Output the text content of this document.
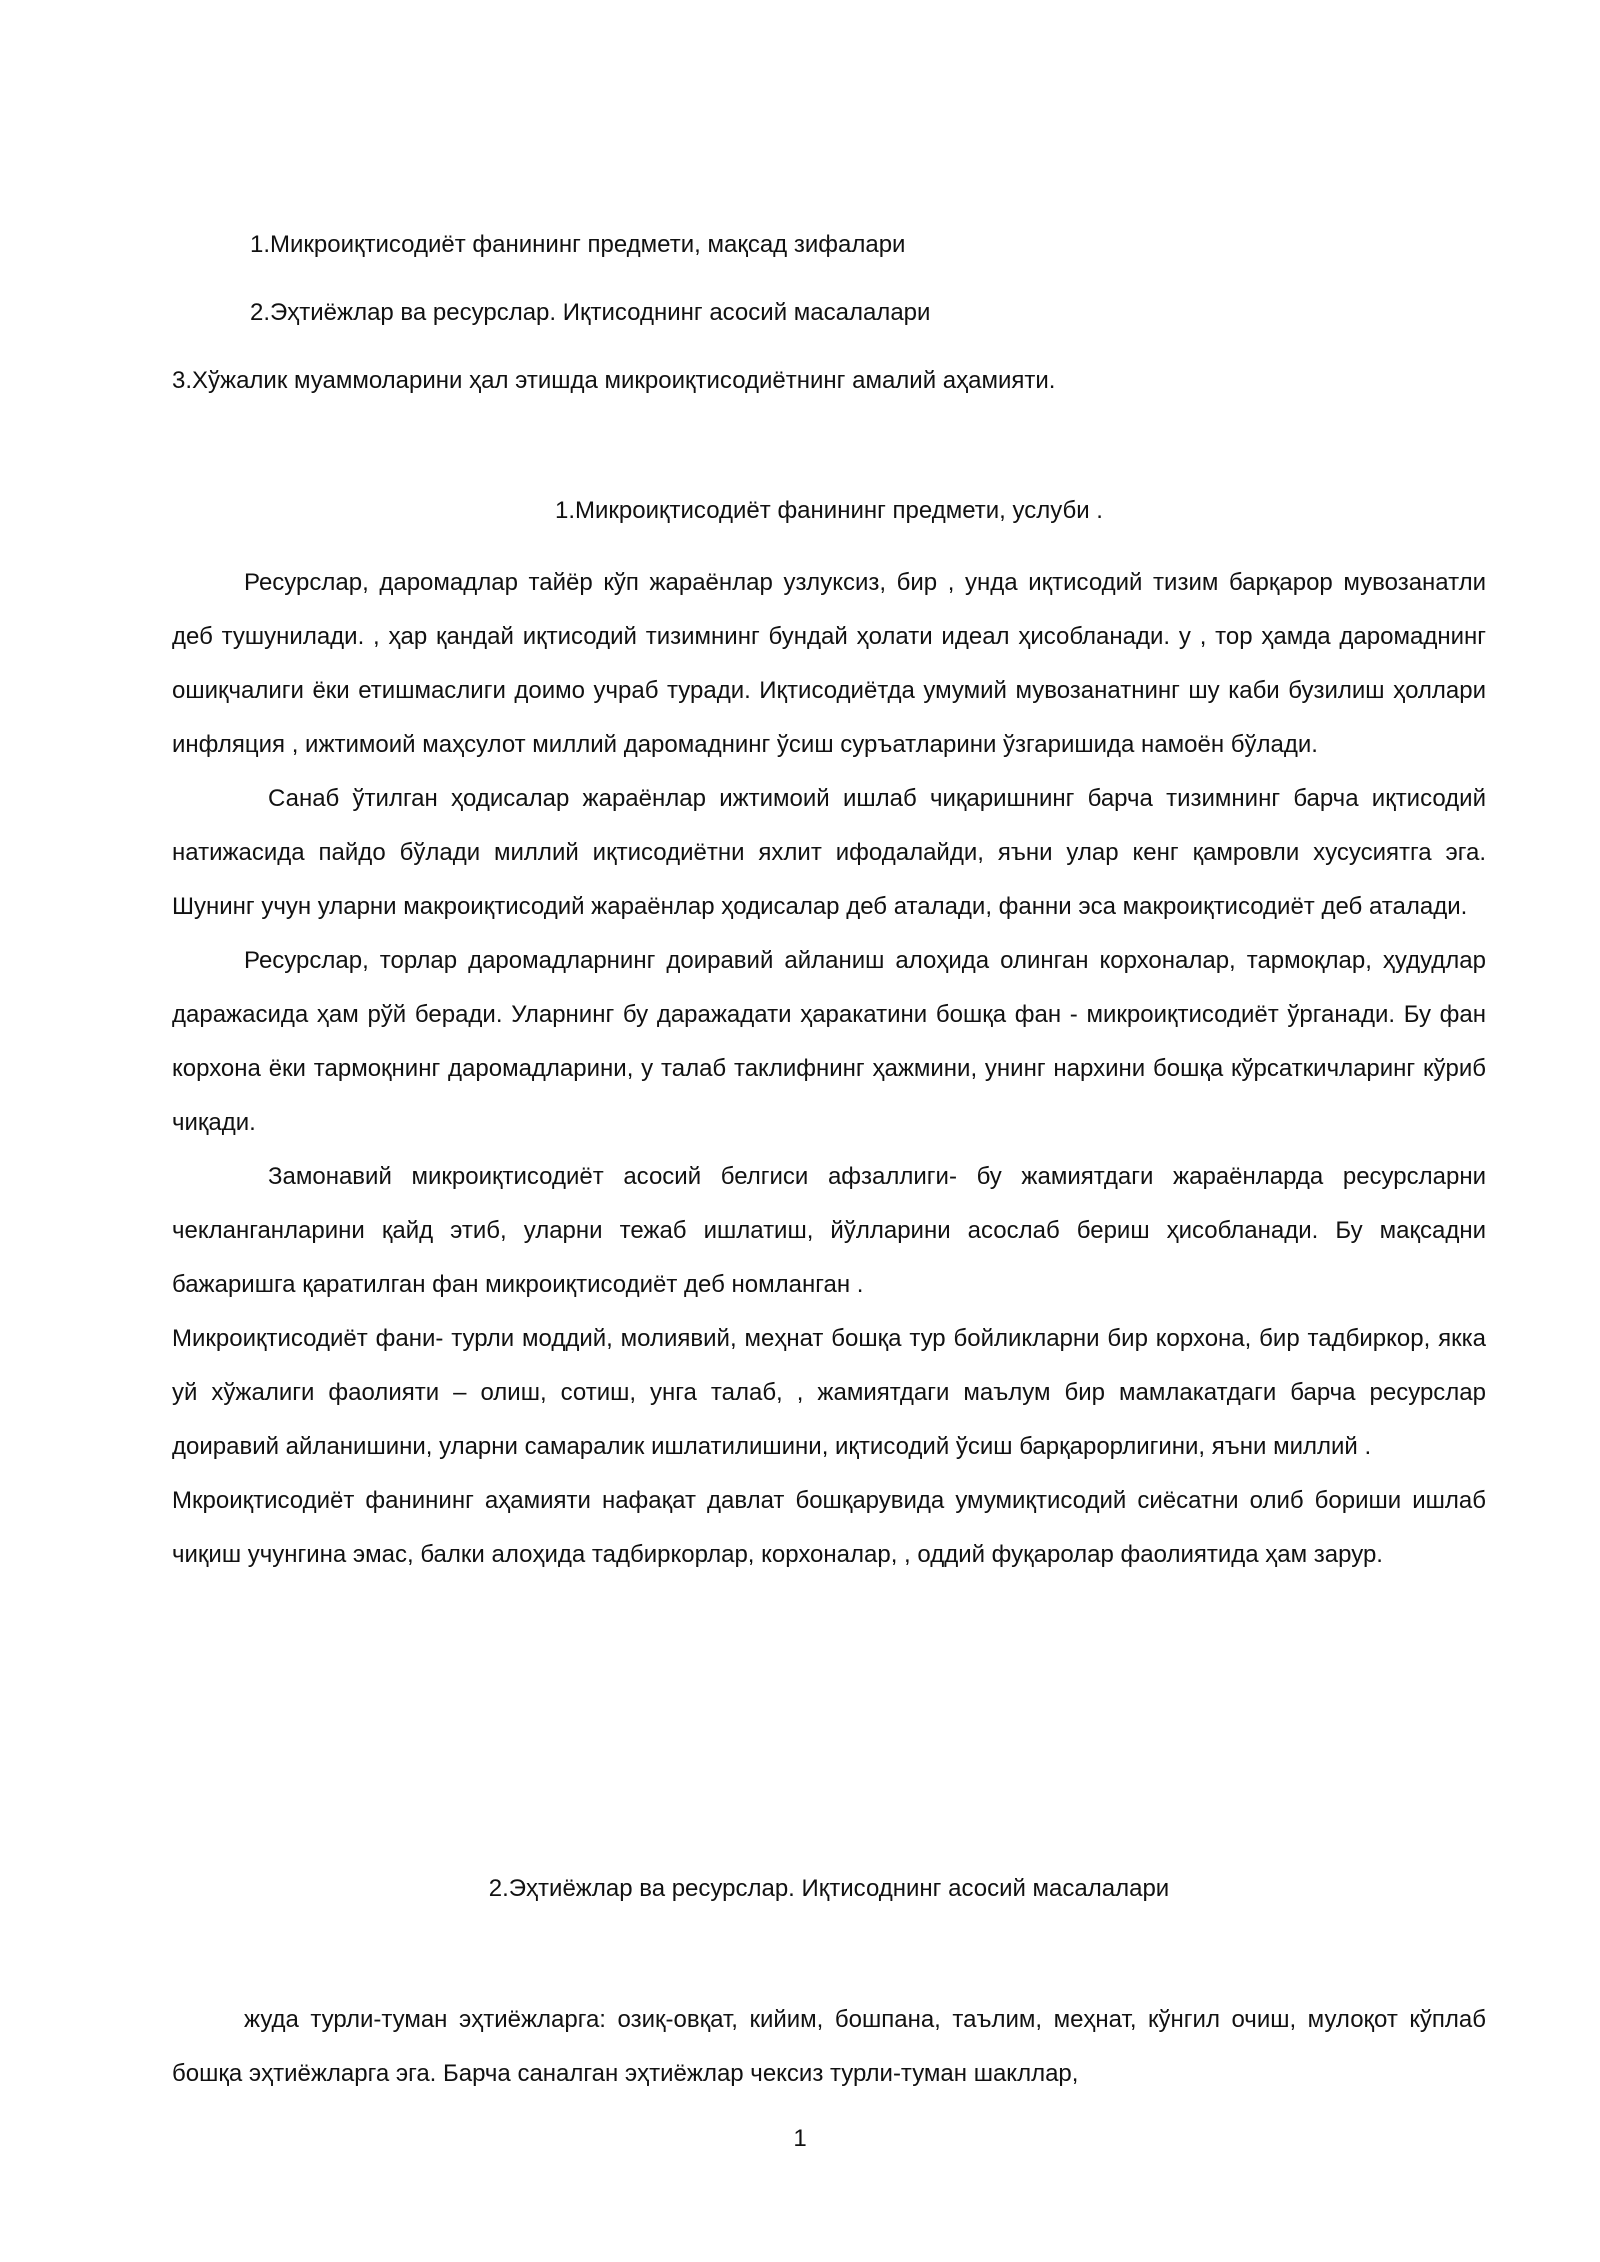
1.Микроиқтисодиёт фанининг предмети, мақсад зифалари
2.Эҳтиёжлар ва ресурслар. Иқтисоднинг асосий масалалари
3.Хўжалик муаммоларини ҳал этишда микроиқтисодиётнинг амалий аҳамияти.
1.Микроиқтисодиёт фанининг предмети, услуби .

Ресурслар, даромадлар тайёр кўп жараёнлар узлуксиз, бир , унда иқтисодий тизим барқарор мувозанатли деб тушунилади. , ҳар қандай иқтисодий тизимнинг бундай ҳолати идеал ҳисобланади. у , тор ҳамда даромаднинг ошиқчалиги ёки етишмаслиги доимо учраб туради. Иқтисодиётда умумий мувозанатнинг шу каби бузилиш ҳоллари инфляция , ижтимоий маҳсулот миллий даромаднинг ўсиш суръатларини ўзгаришида намоён бўлади.

Санаб ўтилган ҳодисалар жараёнлар ижтимоий ишлаб чиқаришнинг барча тизимнинг барча иқтисодий натижасида пайдо бўлади миллий иқтисодиётни яхлит ифодалайди, яъни улар кенг қамровли хусусиятга эга. Шунинг учун уларни макроиқтисодий жараёнлар ҳодисалар деб аталади, фанни эса макроиқтисодиёт деб аталади.

Ресурслар, торлар даромадларнинг доиравий айланиш алоҳида олинган корхоналар, тармоқлар, ҳудудлар даражасида ҳам рўй беради. Уларнинг бу даражадати ҳаракатини бошқа фан - микроиқтисодиёт ўрганади. Бу фан корхона ёки тармоқнинг даромадларини, у талаб таклифнинг ҳажмини, унинг нархини бошқа кўрсаткичларинг кўриб чиқади.

Замонавий микроиқтисодиёт асосий белгиси афзаллиги- бу жамиятдаги жараёнларда ресурсларни чекланганларини қайд этиб, уларни тежаб ишлатиш, йўлларини асослаб бериш ҳисобланади. Бу мақсадни бажаришга қаратилган фан микроиқтисодиёт деб номланган .

Микроиқтисодиёт фани- турли моддий, молиявий, меҳнат бошқа тур бойликларни бир корхона, бир тадбиркор, якка уй хўжалиги фаолияти – олиш, сотиш, унга талаб, , жамиятдаги маълум бир мамлакатдаги барча ресурслар доиравий айланишини, уларни самаралик ишлатилишини, иқтисодий ўсиш барқарорлигини, яъни миллий .

Мкроиқтисодиёт фанининг аҳамияти нафақат давлат бошқарувида умумиқтисодий сиёсатни олиб бориши ишлаб чиқиш учунгина эмас, балки алоҳида тадбиркорлар, корхоналар, , оддий фуқаролар фаолиятида ҳам зарур.

2.Эҳтиёжлар ва ресурслар. Иқтисоднинг асосий масалалари

жуда турли-туман эҳтиёжларга: озиқ-овқат, кийим, бошпана, таълим, меҳнат, кўнгил очиш, мулоқот кўплаб бошқа эҳтиёжларга эга. Барча саналган эҳтиёжлар чексиз турли-туман шакллар,

1
